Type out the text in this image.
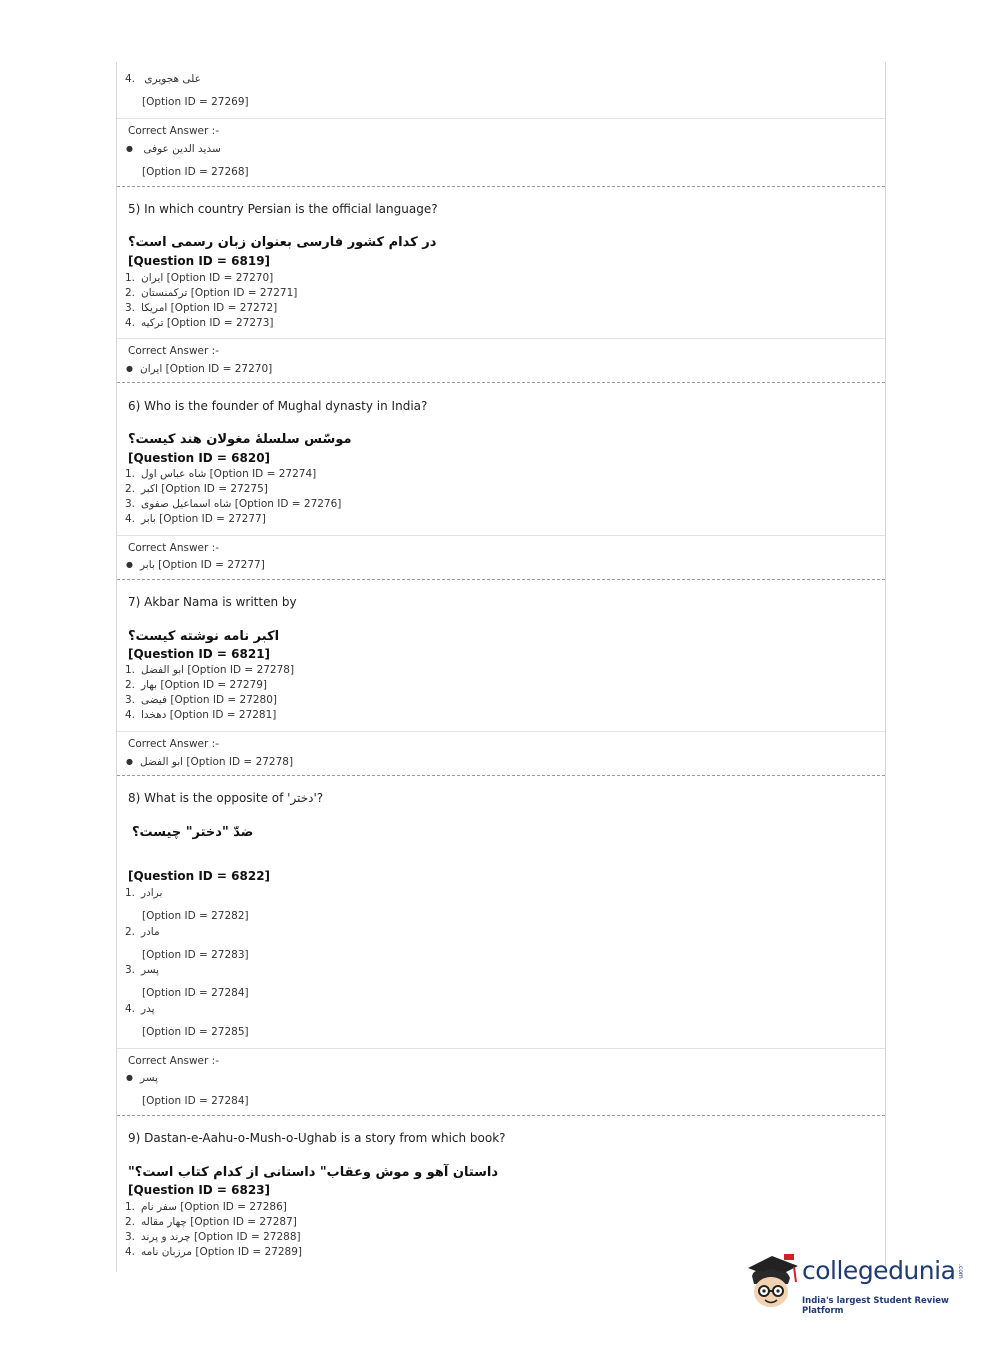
4. علی هجویری
[Option ID = 27269]
Correct Answer :-
● سدید الدین عوفی
[Option ID = 27268]
5) In which country Persian is the official language?
در کدام کشور فارسی بعنوان زبان رسمی است؟
[Question ID = 6819]
1. ایران [Option ID = 27270]
2. ترکمنستان [Option ID = 27271]
3. امریکا [Option ID = 27272]
4. ترکیه [Option ID = 27273]
Correct Answer :-
● ایران [Option ID = 27270]
6) Who is the founder of Mughal dynasty in India?
موسّس سلسلۀ مغولان هند کیست؟
[Question ID = 6820]
1. شاه عباس اول [Option ID = 27274]
2. اکبر [Option ID = 27275]
3. شاه اسماعیل صفوی [Option ID = 27276]
4. بابر [Option ID = 27277]
Correct Answer :-
● بابر [Option ID = 27277]
7) Akbar Nama is written by
اکبر نامه نوشته کیست؟
[Question ID = 6821]
1. ابو الفضل [Option ID = 27278]
2. بهار [Option ID = 27279]
3. فیضی [Option ID = 27280]
4. دهخدا [Option ID = 27281]
Correct Answer :-
● ابو الفضل [Option ID = 27278]
8) What is the opposite of 'دختر'?
ضدّ "دختر" چیست؟
[Question ID = 6822]
1. برادر
[Option ID = 27282]
2. مادر
[Option ID = 27283]
3. پسر
[Option ID = 27284]
4. پدر
[Option ID = 27285]
Correct Answer :-
● پسر
[Option ID = 27284]
9) Dastan-e-Aahu-o-Mush-o-Ughab is a story from which book?
"داستان آهو و موش وعقاب" داستانی از کدام کتاب است؟
[Question ID = 6823]
1. سفر نام [Option ID = 27286]
2. چهار مقاله [Option ID = 27287]
3. چرند و پرند [Option ID = 27288]
4. مرزبان نامه [Option ID = 27289]
collegedunia .com
India's largest Student Review Platform
